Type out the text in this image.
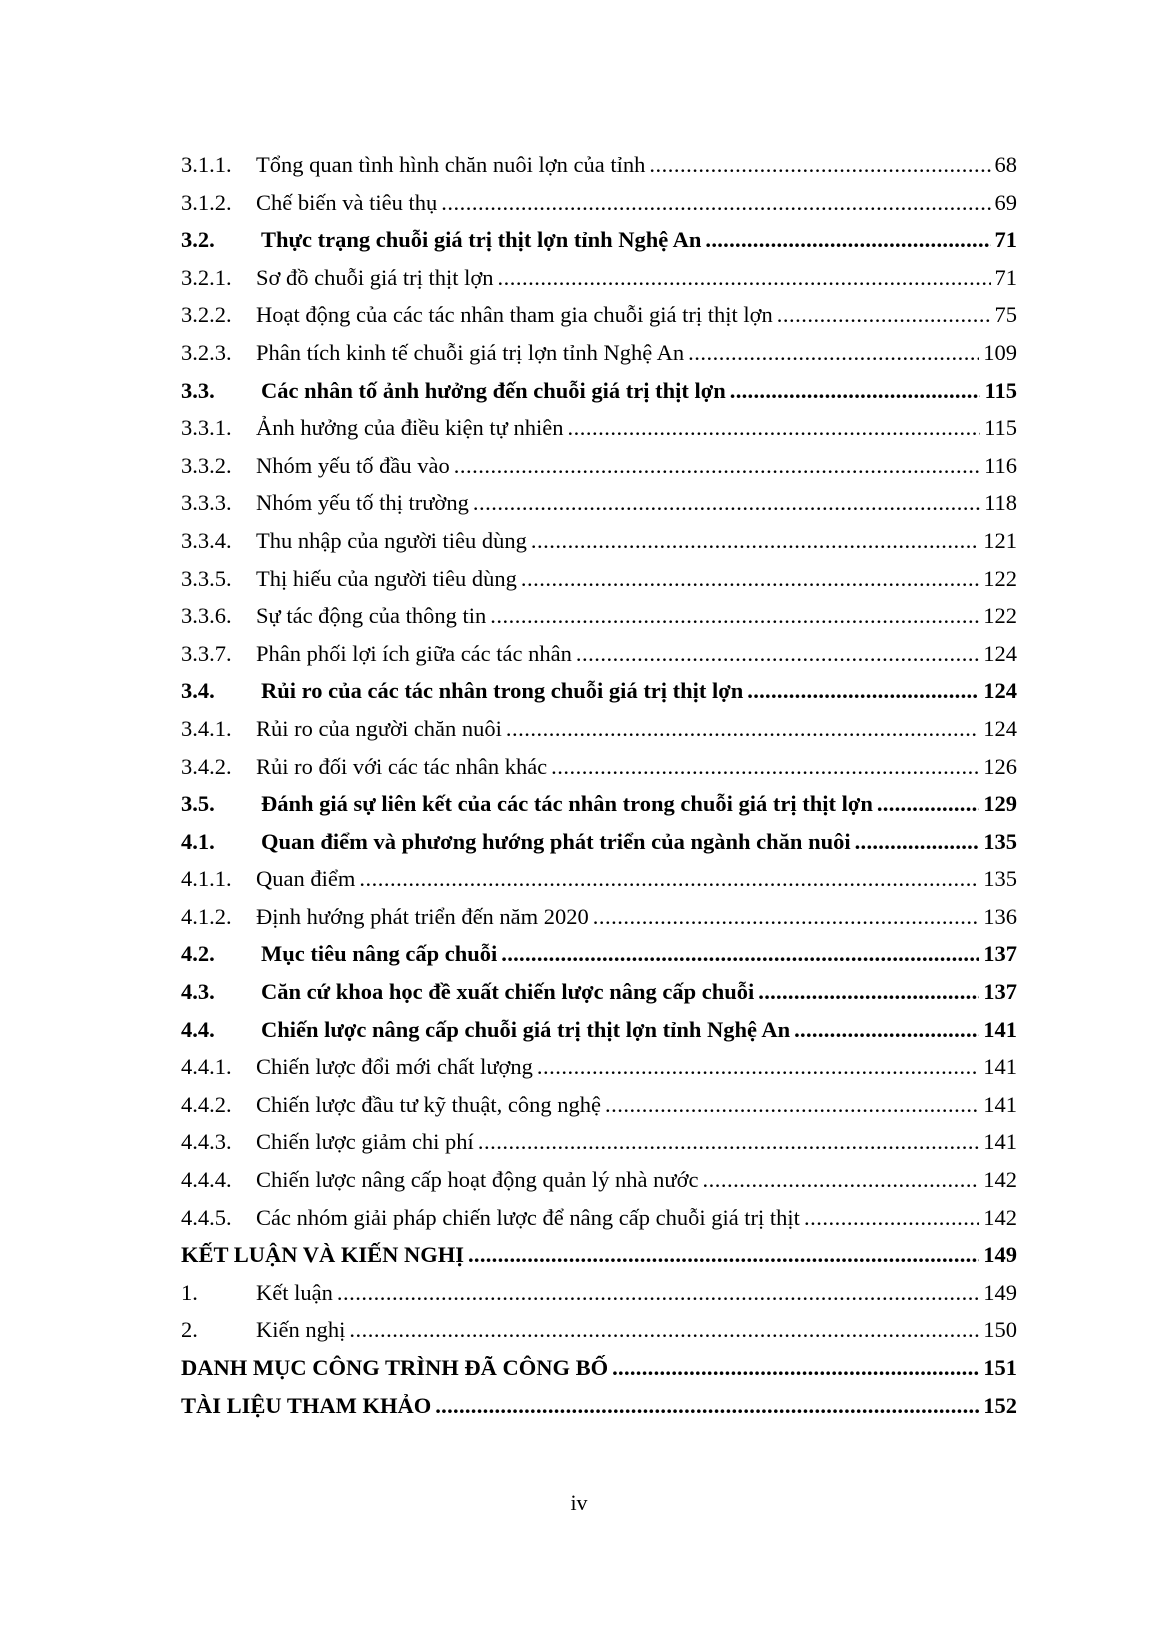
3.1.1.	Tổng quan tình hình chăn nuôi lợn của tỉnh .....	68
3.1.2.	Chế biến và tiêu thụ .....	69
3.2.	Thực trạng chuỗi giá trị thịt lợn tỉnh Nghệ An .....	71
3.2.1.	Sơ đồ chuỗi giá trị thịt lợn .....	71
3.2.2.	Hoạt động của các tác nhân tham gia chuỗi giá trị thịt lợn .....	75
3.2.3.	Phân tích kinh tế chuỗi giá trị lợn tỉnh Nghệ An .....	109
3.3.	Các nhân tố ảnh hưởng đến chuỗi giá trị thịt lợn .....	115
3.3.1.	Ảnh hưởng của điều kiện tự nhiên .....	115
3.3.2.	Nhóm yếu tố đầu vào .....	116
3.3.3.	Nhóm yếu tố thị trường .....	118
3.3.4.	Thu nhập của người tiêu dùng .....	121
3.3.5.	Thị hiếu của người tiêu dùng .....	122
3.3.6.	Sự tác động của thông tin .....	122
3.3.7.	Phân phối lợi ích giữa các tác nhân .....	124
3.4.	Rủi ro của các tác nhân trong chuỗi giá trị thịt lợn .....	124
3.4.1.	Rủi ro của người chăn nuôi .....	124
3.4.2.	Rủi ro đối với các tác nhân khác .....	126
3.5.	Đánh giá sự liên kết của các tác nhân trong chuỗi giá trị thịt lợn .....	129
4.1.	Quan điểm và phương hướng phát triển của ngành chăn nuôi .....	135
4.1.1.	Quan điểm .....	135
4.1.2.	Định hướng phát triển đến năm 2020 .....	136
4.2.	Mục tiêu nâng cấp chuỗi .....	137
4.3.	Căn cứ khoa học đề xuất chiến lược nâng cấp chuỗi .....	137
4.4.	Chiến lược nâng cấp chuỗi giá trị thịt lợn tỉnh Nghệ An .....	141
4.4.1.	Chiến lược đổi mới chất lượng .....	141
4.4.2.	Chiến lược đầu tư kỹ thuật, công nghệ .....	141
4.4.3.	Chiến lược giảm chi phí .....	141
4.4.4.	Chiến lược nâng cấp hoạt động quản lý nhà nước .....	142
4.4.5.	Các nhóm giải pháp chiến lược để nâng cấp chuỗi giá trị thịt .....	142
KẾT LUẬN VÀ KIẾN NGHỊ .....	149
1.	Kết luận .....	149
2.	Kiến nghị .....	150
DANH MỤC CÔNG TRÌNH ĐÃ CÔNG BỐ .....	151
TÀI LIỆU THAM KHẢO .....	152
iv
